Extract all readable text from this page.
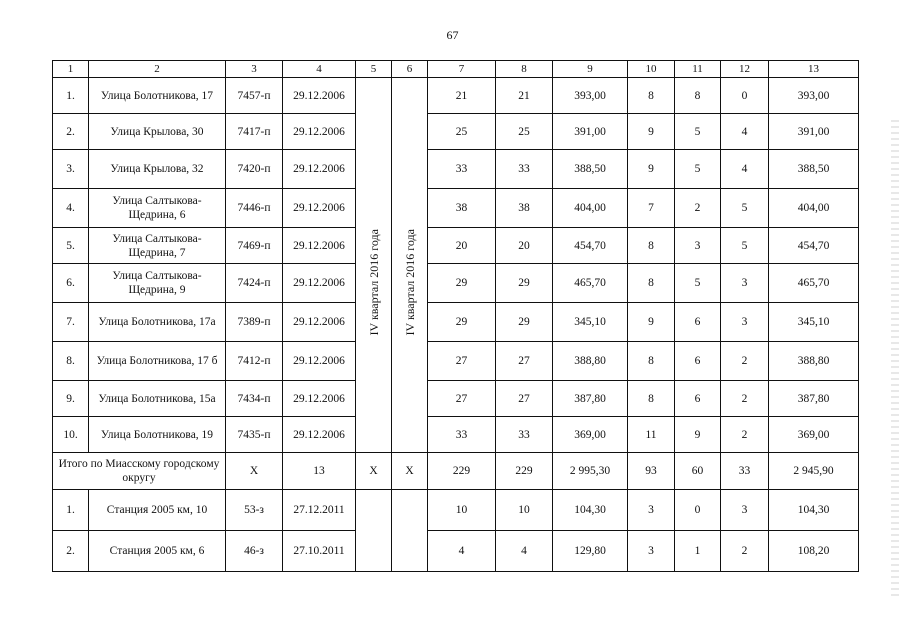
67
1	2	3	4	5	6	7	8	9	10	11	12	13
1.	Улица Болотникова, 17	7457-п	29.12.2006	IV квартал 2016 года	IV квартал 2016 года	21	21	393,00	8	8	0	393,00
2.	Улица Крылова, 30	7417-п	29.12.2006			25	25	391,00	9	5	4	391,00
3.	Улица Крылова, 32	7420-п	29.12.2006			33	33	388,50	9	5	4	388,50
4.	Улица Салтыкова-Щедрина, 6	7446-п	29.12.2006			38	38	404,00	7	2	5	404,00
5.	Улица Салтыкова-Щедрина, 7	7469-п	29.12.2006			20	20	454,70	8	3	5	454,70
6.	Улица Салтыкова-Щедрина, 9	7424-п	29.12.2006			29	29	465,70	8	5	3	465,70
7.	Улица Болотникова, 17а	7389-п	29.12.2006			29	29	345,10	9	6	3	345,10
8.	Улица Болотникова, 17 б	7412-п	29.12.2006			27	27	388,80	8	6	2	388,80
9.	Улица Болотникова, 15а	7434-п	29.12.2006			27	27	387,80	8	6	2	387,80
10.	Улица Болотникова, 19	7435-п	29.12.2006			33	33	369,00	11	9	2	369,00
Итого по Миасскому городскому округу		X	13	X	X	229	229	2 995,30	93	60	33	2 945,90
1.	Станция 2005 км, 10	53-з	27.12.2011			10	10	104,30	3	0	3	104,30
2.	Станция 2005 км, 6	46-з	27.10.2011			4	4	129,80	3	1	2	108,20
